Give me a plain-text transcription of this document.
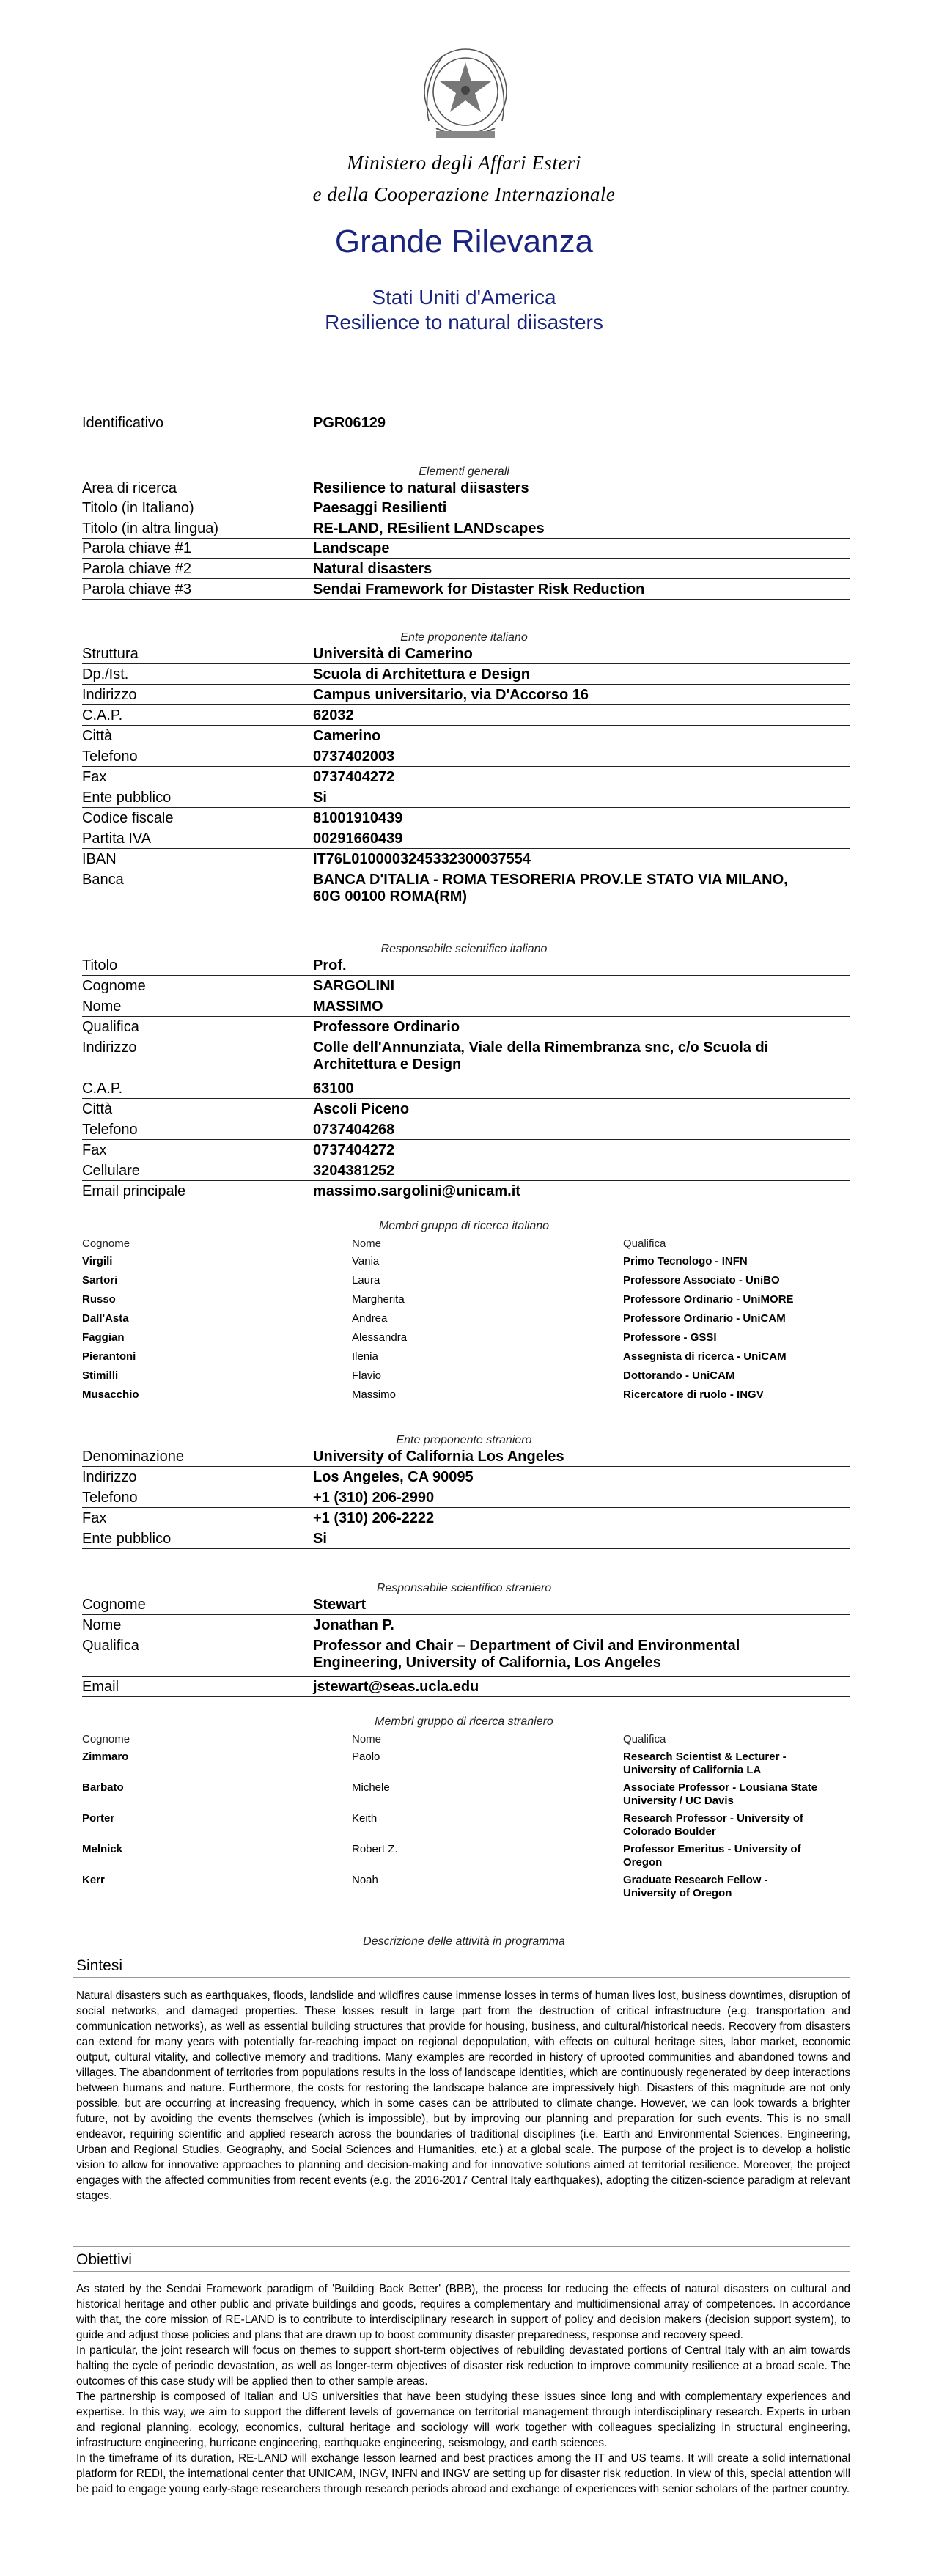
Ministero degli Affari Esteri
e della Cooperazione Internazionale
Grande Rilevanza
Stati Uniti d'America
Resilience to natural diisasters
Identificativo	PGR06129
Elementi generali
Area di ricerca	Resilience to natural diisasters
Titolo (in Italiano)	Paesaggi Resilienti
Titolo (in altra lingua)	RE-LAND, REsilient LANDscapes
Parola chiave #1	Landscape
Parola chiave #2	Natural disasters
Parola chiave #3	Sendai Framework for Distaster Risk Reduction
Ente proponente italiano
Struttura	Università di Camerino
Dp./Ist.	Scuola di Architettura e Design
Indirizzo	Campus universitario, via D'Accorso 16
C.A.P.	62032
Città	Camerino
Telefono	0737402003
Fax	0737404272
Ente pubblico	Si
Codice fiscale	81001910439
Partita IVA	00291660439
IBAN	IT76L0100003245332300037554
Banca	BANCA D'ITALIA - ROMA TESORERIA PROV.LE STATO VIA MILANO,
60G 00100 ROMA(RM)
Responsabile scientifico italiano
Titolo	Prof.
Cognome	SARGOLINI
Nome	MASSIMO
Qualifica	Professore Ordinario
Indirizzo	Colle dell'Annunziata, Viale della Rimembranza snc, c/o Scuola di
Architettura e Design
C.A.P.	63100
Città	Ascoli Piceno
Telefono	0737404268
Fax	0737404272
Cellulare	3204381252
Email principale	massimo.sargolini@unicam.it
Membri gruppo di ricerca italiano
Cognome	Nome	Qualifica
Virgili	Vania	Primo Tecnologo - INFN
Sartori	Laura	Professore Associato - UniBO
Russo	Margherita	Professore Ordinario - UniMORE
Dall'Asta	Andrea	Professore Ordinario - UniCAM
Faggian	Alessandra	Professore - GSSI
Pierantoni	Ilenia	Assegnista di ricerca - UniCAM
Stimilli	Flavio	Dottorando - UniCAM
Musacchio	Massimo	Ricercatore di ruolo - INGV
Ente proponente straniero
Denominazione	University of California Los Angeles
Indirizzo	Los Angeles, CA 90095
Telefono	+1 (310) 206-2990
Fax	+1 (310) 206-2222
Ente pubblico	Si
Responsabile scientifico straniero
Cognome	Stewart
Nome	Jonathan P.
Qualifica	Professor and Chair – Department of Civil and Environmental
Engineering, University of California, Los Angeles
Email	jstewart@seas.ucla.edu
Membri gruppo di ricerca straniero
Cognome	Nome	Qualifica
Zimmaro	Paolo	Research Scientist & Lecturer -
University of California LA
Barbato	Michele	Associate Professor - Lousiana State
University / UC Davis
Porter	Keith	Research Professor - University of
Colorado Boulder
Melnick	Robert Z.	Professor Emeritus - University of
Oregon
Kerr	Noah	Graduate Research Fellow -
University of Oregon
Descrizione delle attività in programma
Sintesi

Natural disasters such as earthquakes, floods, landslide and wildfires cause immense losses in terms of human lives lost, business downtimes, disruption of social networks, and damaged properties. These losses result in large part from the destruction of critical infrastructure (e.g. transportation and communication networks), as well as essential building structures that provide for housing, business, and cultural/historical needs. Recovery from disasters can extend for many years with potentially far-reaching impact on regional depopulation, with effects on cultural heritage sites, labor market, economic output, cultural vitality, and collective memory and traditions. Many examples are recorded in history of uprooted communities and abandoned towns and villages. The abandonment of territories from populations results in the loss of landscape identities, which are continuously regenerated by deep interactions between humans and nature. Furthermore, the costs for restoring the landscape balance are impressively high. Disasters of this magnitude are not only possible, but are occurring at increasing frequency, which in some cases can be attributed to climate change. However, we can look towards a brighter future, not by avoiding the events themselves (which is impossible), but by improving our planning and preparation for such events. This is no small endeavor, requiring scientific and applied research across the boundaries of traditional disciplines (i.e. Earth and Environmental Sciences, Engineering, Urban and Regional Studies, Geography, and Social Sciences and Humanities, etc.) at a global scale. The purpose of the project is to develop a holistic vision to allow for innovative approaches to planning and decision-making and for innovative solutions aimed at territorial resilience. Moreover, the project engages with the affected communities from recent events (e.g. the 2016-2017 Central Italy earthquakes), adopting the citizen-science paradigm at relevant stages.

Obiettivi

As stated by the Sendai Framework paradigm of 'Building Back Better' (BBB), the process for reducing the effects of natural disasters on cultural and historical heritage and other public and private buildings and goods, requires a complementary and multidimensional array of competences. In accordance with that, the core mission of RE-LAND is to contribute to interdisciplinary research in support of policy and decision makers (decision support system), to guide and adjust those policies and plans that are drawn up to boost community disaster preparedness, response and recovery speed.

In particular, the joint research will focus on themes to support short-term objectives of rebuilding devastated portions of Central Italy with an aim towards halting the cycle of periodic devastation, as well as longer-term objectives of disaster risk reduction to improve community resilience at a broad scale. The outcomes of this case study will be applied then to other sample areas.

The partnership is composed of Italian and US universities that have been studying these issues since long and with complementary experiences and expertise. In this way, we aim to support the different levels of governance on territorial management through interdisciplinary research. Experts in urban and regional planning, ecology, economics, cultural heritage and sociology will work together with colleagues specializing in structural engineering, infrastructure engineering, hurricane engineering, earthquake engineering, seismology, and earth sciences.

In the timeframe of its duration, RE-LAND will exchange lesson learned and best practices among the IT and US teams. It will create a solid international platform for REDI, the international center that UNICAM, INGV, INFN and INGV are setting up for disaster risk reduction. In view of this, special attention will be paid to engage young early-stage researchers through research periods abroad and exchange of experiences with senior scholars of the partner country.
